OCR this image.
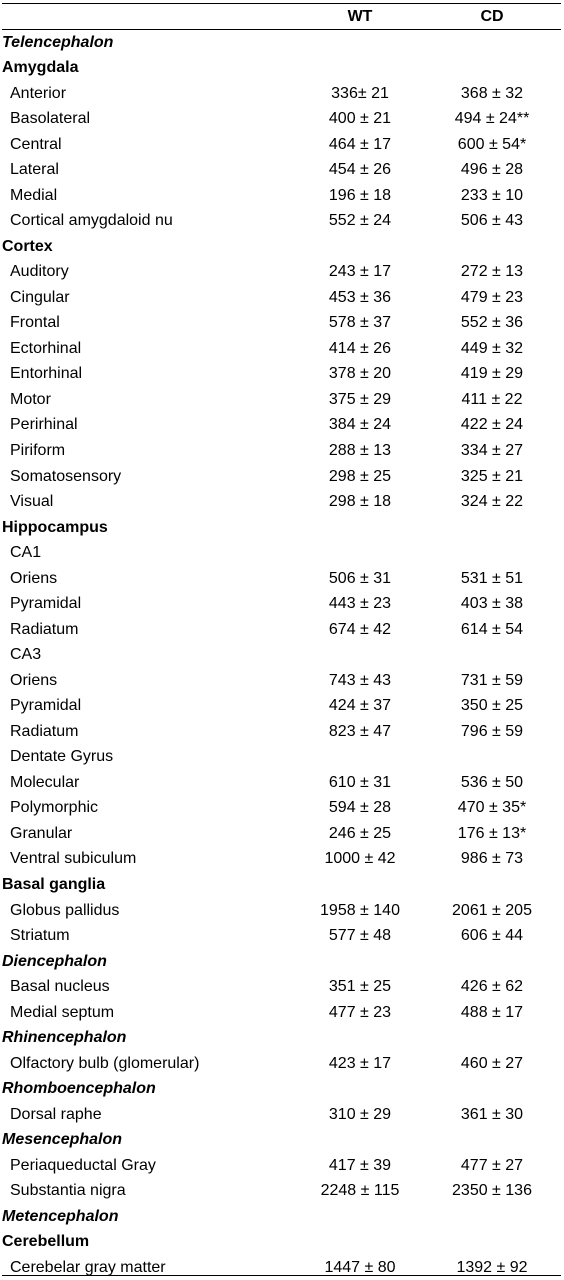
WT	CD
Telencephalon
Amygdala
Anterior	336± 21	368 ± 32
Basolateral	400 ± 21	494 ± 24**
Central	464 ± 17	600 ± 54*
Lateral	454 ± 26	496 ± 28
Medial	196 ± 18	233 ± 10
Cortical amygdaloid nu	552 ± 24	506 ± 43
Cortex
Auditory	243 ± 17	272 ± 13
Cingular	453 ± 36	479 ± 23
Frontal	578 ± 37	552 ± 36
Ectorhinal	414 ± 26	449 ± 32
Entorhinal	378 ± 20	419 ± 29
Motor	375 ± 29	411 ± 22
Perirhinal	384 ± 24	422 ± 24
Piriform	288 ± 13	334 ± 27
Somatosensory	298 ± 25	325 ± 21
Visual	298 ± 18	324 ± 22
Hippocampus
CA1
Oriens	506 ± 31	531 ± 51
Pyramidal	443 ± 23	403 ± 38
Radiatum	674 ± 42	614 ± 54
CA3
Oriens	743 ± 43	731 ± 59
Pyramidal	424 ± 37	350 ± 25
Radiatum	823 ± 47	796 ± 59
Dentate Gyrus
Molecular	610 ± 31	536 ± 50
Polymorphic	594 ± 28	470 ± 35*
Granular	246 ± 25	176 ± 13*
Ventral subiculum	1000 ± 42	986 ± 73
Basal ganglia
Globus pallidus	1958 ± 140	2061 ± 205
Striatum	577 ± 48	606 ± 44
Diencephalon
Basal nucleus	351 ± 25	426 ± 62
Medial septum	477 ± 23	488 ± 17
Rhinencephalon
Olfactory bulb (glomerular)	423 ± 17	460 ± 27
Rhomboencephalon
Dorsal raphe	310 ± 29	361 ± 30
Mesencephalon
Periaqueductal Gray	417 ± 39	477 ± 27
Substantia nigra	2248 ± 115	2350 ± 136
Metencephalon
Cerebellum
Cerebelar gray matter	1447 ± 80	1392 ± 92
